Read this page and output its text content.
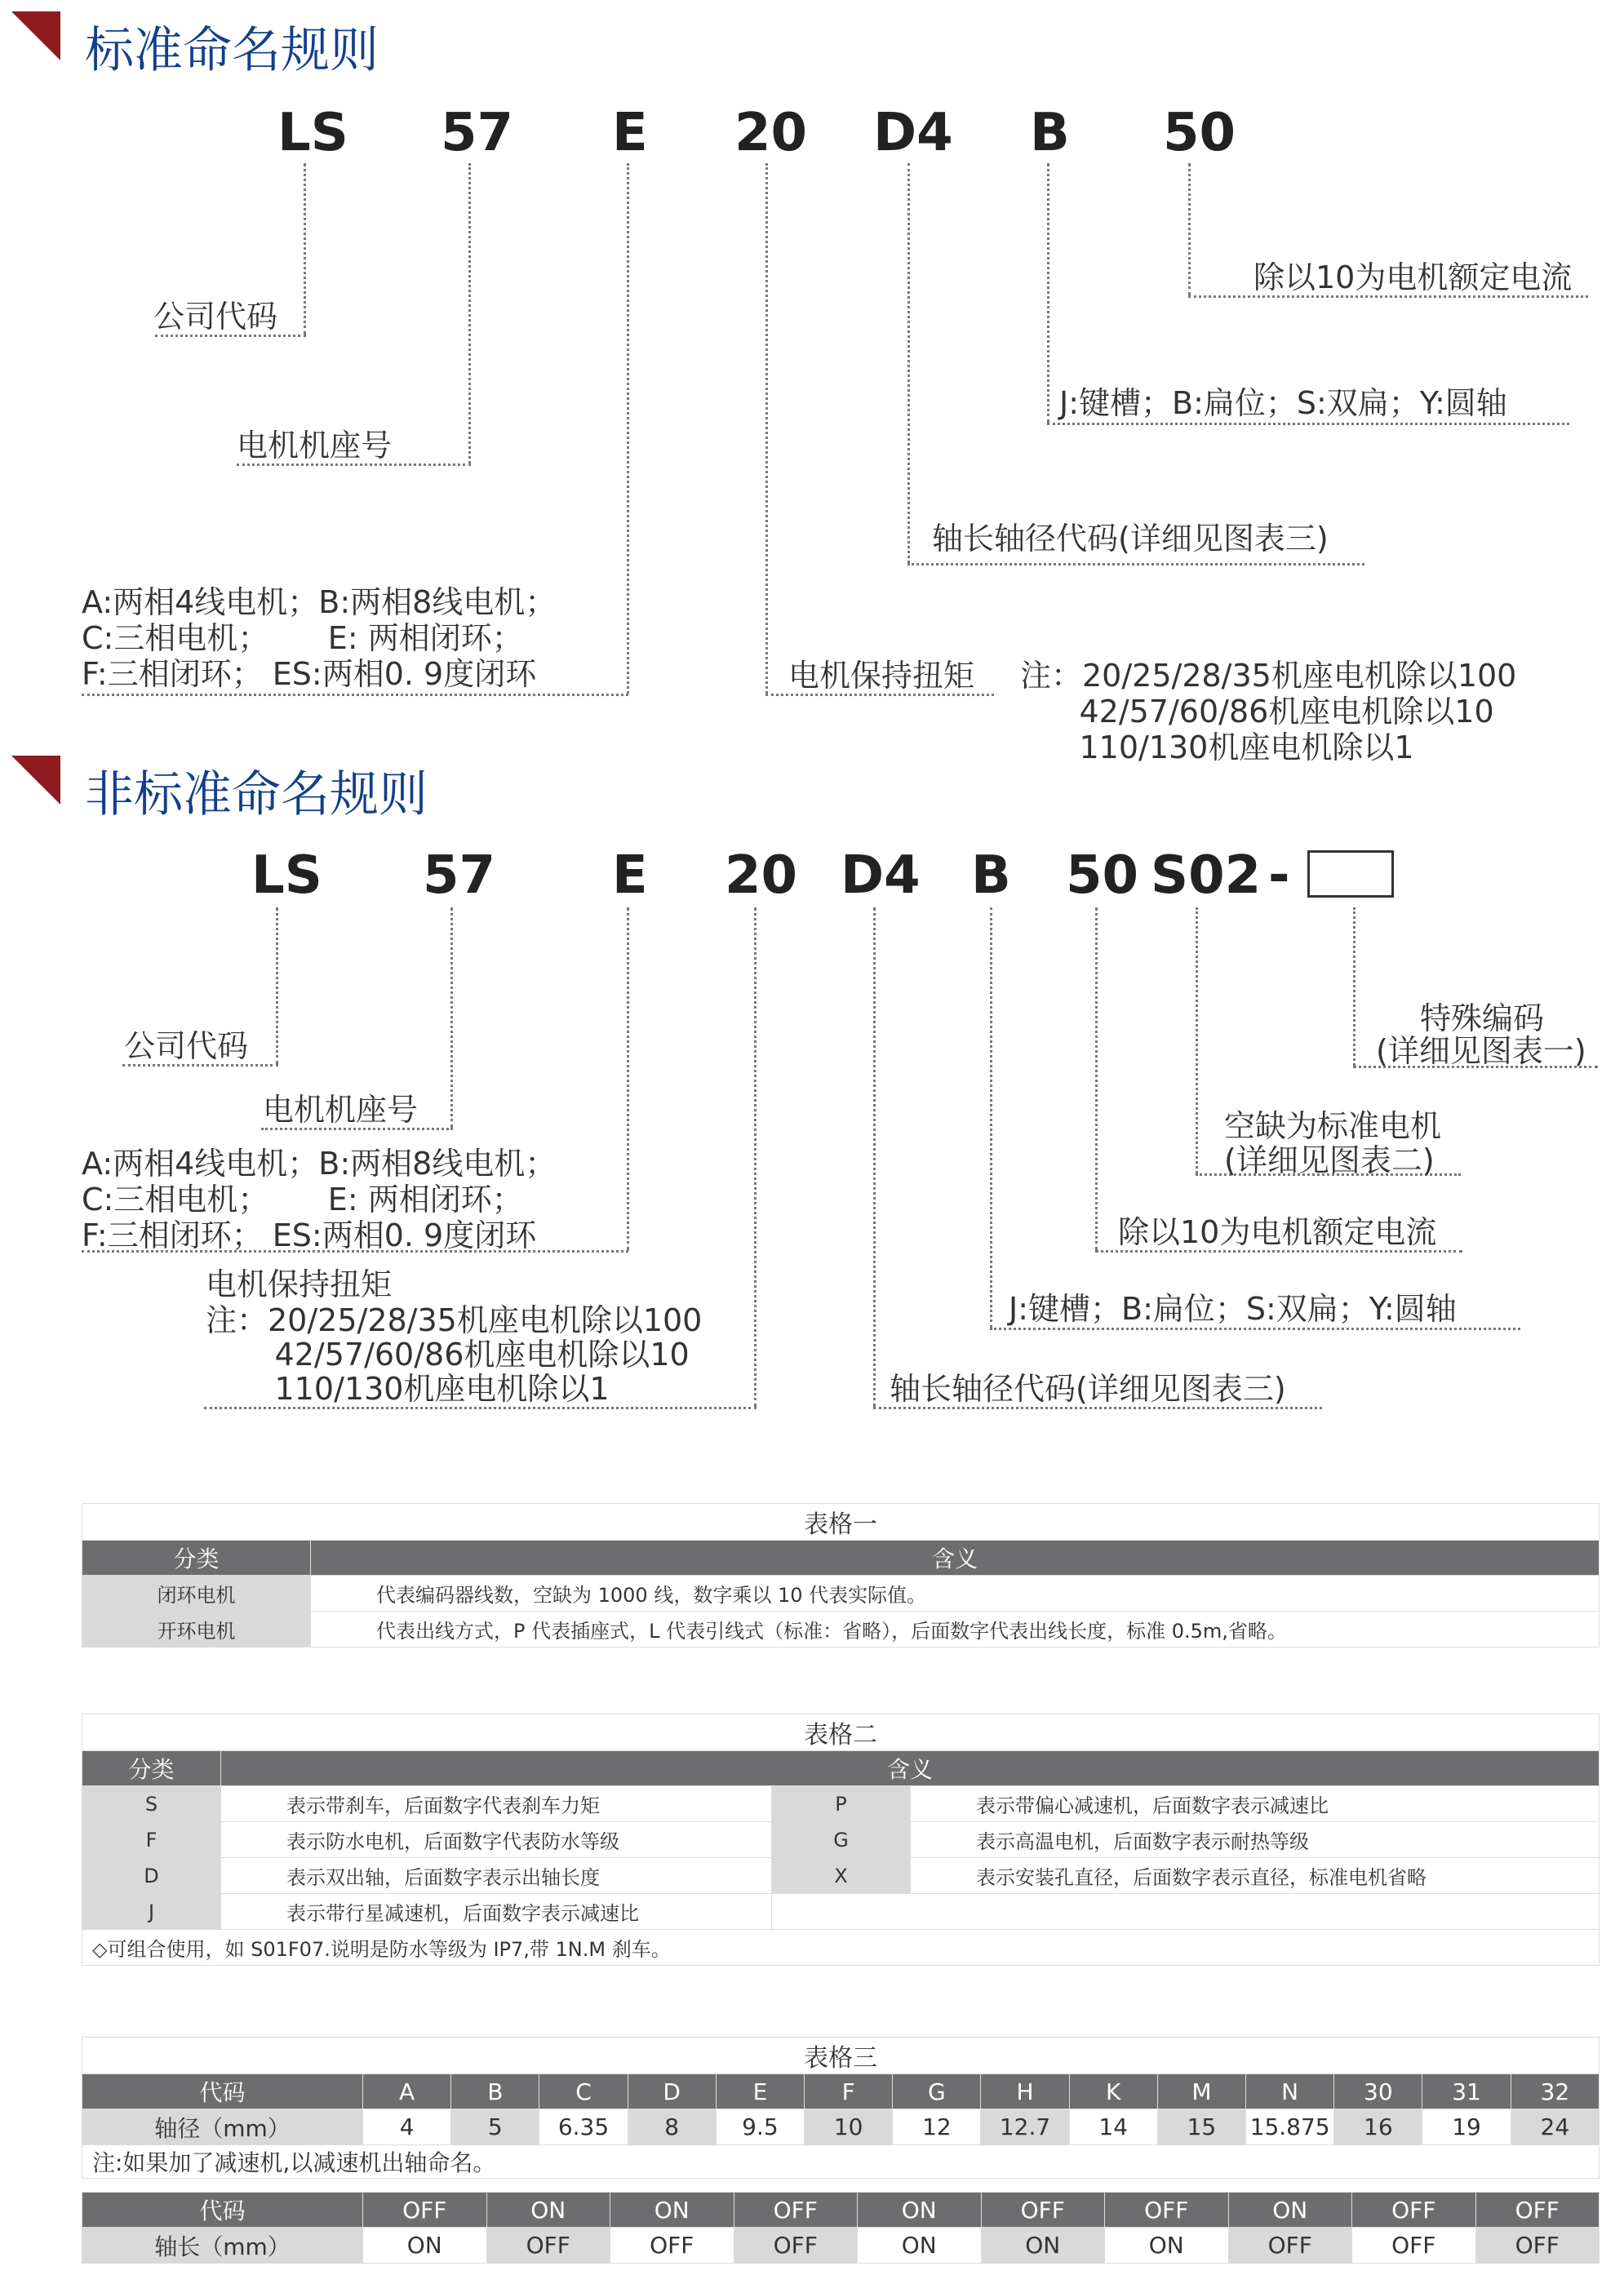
标准命名规则
LS 57 E 20 D4 B 50
公司代码
电机机座号
A:两相4线电机；B:两相8线电机；
C:三相电机；      E: 两相闭环；
F:三相闭环； ES:两相0. 9度闭环	电机保持扭矩 注：20/25/28/35机座电机除以100
42/57/60/86机座电机除以10
110/130机座电机除以1
轴长轴径代码(详细见图表三)
J:键槽；B:扁位；S:双扁；Y:圆轴
除以10为电机额定电流
非标准命名规则
LS 57 E 20 D4 B 50 S02 -
公司代码
电机机座号
A:两相4线电机；B:两相8线电机；
C:三相电机；      E: 两相闭环；
F:三相闭环； ES:两相0. 9度闭环
电机保持扭矩
注：20/25/28/35机座电机除以100
42/57/60/86机座电机除以10
110/130机座电机除以1	轴长轴径代码(详细见图表三)
J:键槽；B:扁位；S:双扁；Y:圆轴
除以10为电机额定电流
空缺为标准电机
(详细见图表二)
特殊编码
(详细见图表一)
表格一	
分类	含义
闭环电机	代表编码器线数，空缺为 1000 线，数字乘以 10 代表实际值。
开环电机	代表出线方式，P 代表插座式，L 代表引线式（标准：省略），后面数字代表出线长度，标准 0.5m,省略。
表格二			
分类	含义		
S	表示带刹车，后面数字代表刹车力矩	P	表示带偏心减速机，后面数字表示减速比
F	表示防水电机，后面数字代表防水等级	G	表示高温电机，后面数字表示耐热等级
D	表示双出轴，后面数字表示出轴长度	X	表示安装孔直径，后面数字表示直径，标准电机省略
J	表示带行星减速机，后面数字表示减速比		
◇可组合使用，如 S01F07.说明是防水等级为 IP7,带 1N.M 刹车。			
表格三														
代码	A	B	C	D	E	F	G	H	K	M	N	30	31	32
轴径（mm）	4	5	6.35	8	9.5	10	12	12.7	14	15	15.875	16	19	24
注:如果加了减速机,以减速机出轴命名。														
代码	OFF	ON	ON	OFF	ON	OFF	OFF	ON	OFF	OFF
轴长（mm）	ON	OFF	OFF	OFF	ON	ON	ON	OFF	OFF	OFF
